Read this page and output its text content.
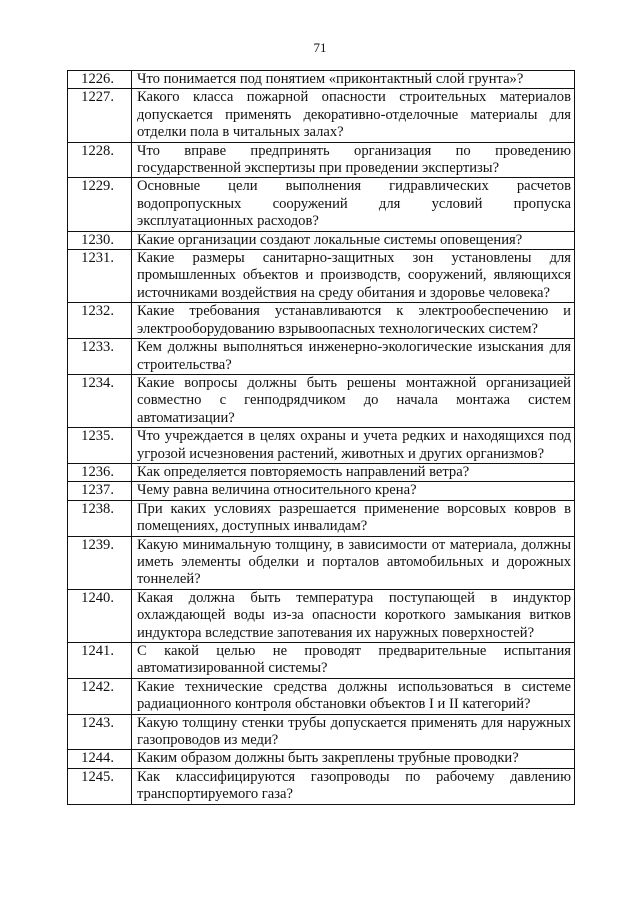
71
1226.	Что понимается под понятием «приконтактный слой грунта»?
1227.	Какого класса пожарной опасности строительных материалов допускается применять декоративно-отделочные материалы для отделки пола в читальных залах?
1228.	Что вправе предпринять организация по проведению государственной экспертизы при проведении экспертизы?
1229.	Основные цели выполнения гидравлических расчетов водопропускных сооружений для условий пропуска эксплуатационных расходов?
1230.	Какие организации создают локальные системы оповещения?
1231.	Какие размеры санитарно-защитных зон установлены для промышленных объектов и производств, сооружений, являющихся источниками воздействия на среду обитания и здоровье человека?
1232.	Какие требования устанавливаются к электрообеспечению и электрооборудованию взрывоопасных технологических систем?
1233.	Кем должны выполняться инженерно-экологические изыскания для строительства?
1234.	Какие вопросы должны быть решены монтажной организацией совместно с генподрядчиком до начала монтажа систем автоматизации?
1235.	Что учреждается в целях охраны и учета редких и находящихся под угрозой исчезновения растений, животных и других организмов?
1236.	Как определяется повторяемость направлений ветра?
1237.	Чему равна величина относительного крена?
1238.	При каких условиях разрешается применение ворсовых ковров в помещениях, доступных инвалидам?
1239.	Какую минимальную толщину, в зависимости от материала, должны иметь элементы обделки и порталов автомобильных и дорожных тоннелей?
1240.	Какая должна быть температура поступающей в индуктор охлаждающей воды из-за опасности короткого замыкания витков индуктора вследствие запотевания их наружных поверхностей?
1241.	С какой целью не проводят предварительные испытания автоматизированной системы?
1242.	Какие технические средства должны использоваться в системе радиационного контроля обстановки объектов I и II категорий?
1243.	Какую толщину стенки трубы допускается применять для наружных газопроводов из меди?
1244.	Каким образом должны быть закреплены трубные проводки?
1245.	Как классифицируются газопроводы по рабочему давлению транспортируемого газа?
